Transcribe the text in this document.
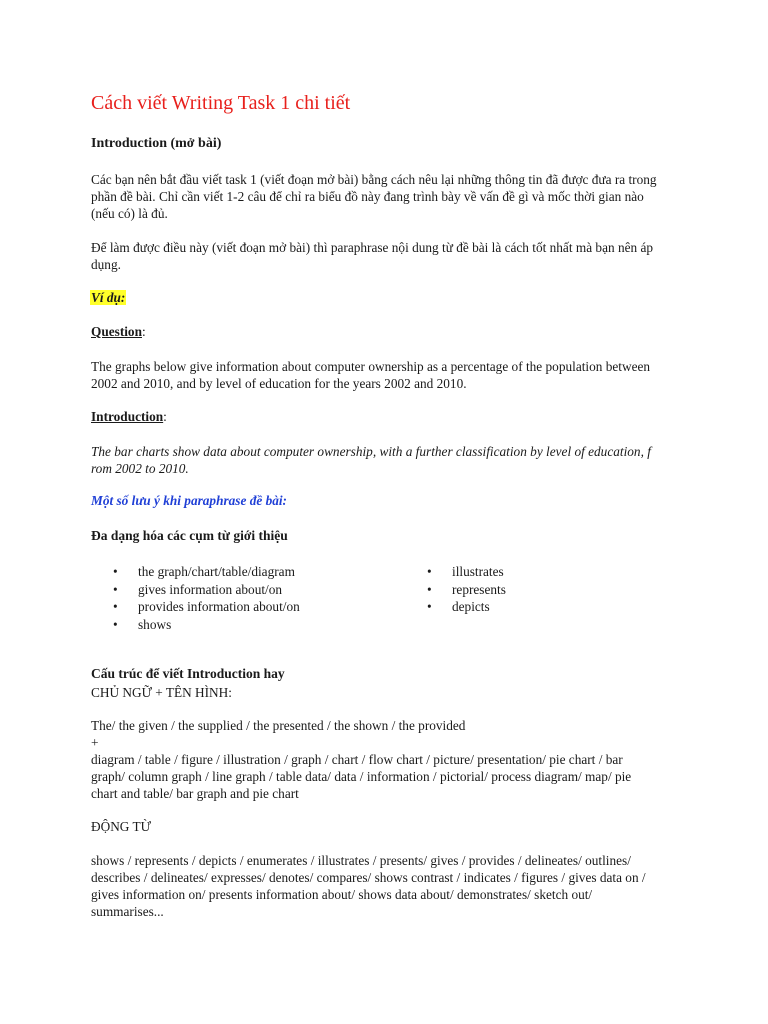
Cách viết Writing Task 1 chi tiết
Introduction (mở bài)
Các bạn nên bắt đầu viết task 1 (viết đoạn mở bài) bằng cách nêu lại những thông tin đã được đưa ra trong
phần đề bài. Chỉ cần viết 1-2 câu để chỉ ra biểu đồ này đang trình bày về vấn đề gì và mốc thời gian nào
(nếu có) là đủ.
Để làm được điều này (viết đoạn mở bài) thì paraphrase nội dung từ đề bài là cách tốt nhất mà bạn nên áp
dụng.
Ví dụ:
Question:
The graphs below give information about computer ownership as a percentage of the population between
2002 and 2010, and by level of education for the years 2002 and 2010.
Introduction:
The bar charts show data about computer ownership, with a further classification by level of education, f
rom 2002 to 2010.
Một số lưu ý khi paraphrase đề bài:
Đa dạng hóa các cụm từ giới thiệu
• the graph/chart/table/diagram
• gives information about/on
• provides information about/on
• shows
• illustrates
• represents
• depicts
Cấu trúc để viết Introduction hay
CHỦ NGỮ + TÊN HÌNH:
The/ the given / the supplied / the presented / the shown / the provided
+
diagram / table / figure / illustration / graph / chart / flow chart / picture/ presentation/ pie chart / bar
graph/ column graph / line graph / table data/ data / information / pictorial/ process diagram/ map/ pie
chart and table/ bar graph and pie chart
ĐỘNG TỪ
shows / represents / depicts / enumerates / illustrates / presents/ gives / provides / delineates/ outlines/
describes / delineates/ expresses/ denotes/ compares/ shows contrast / indicates / figures / gives data on /
gives information on/ presents information about/ shows data about/ demonstrates/ sketch out/
summarises...
